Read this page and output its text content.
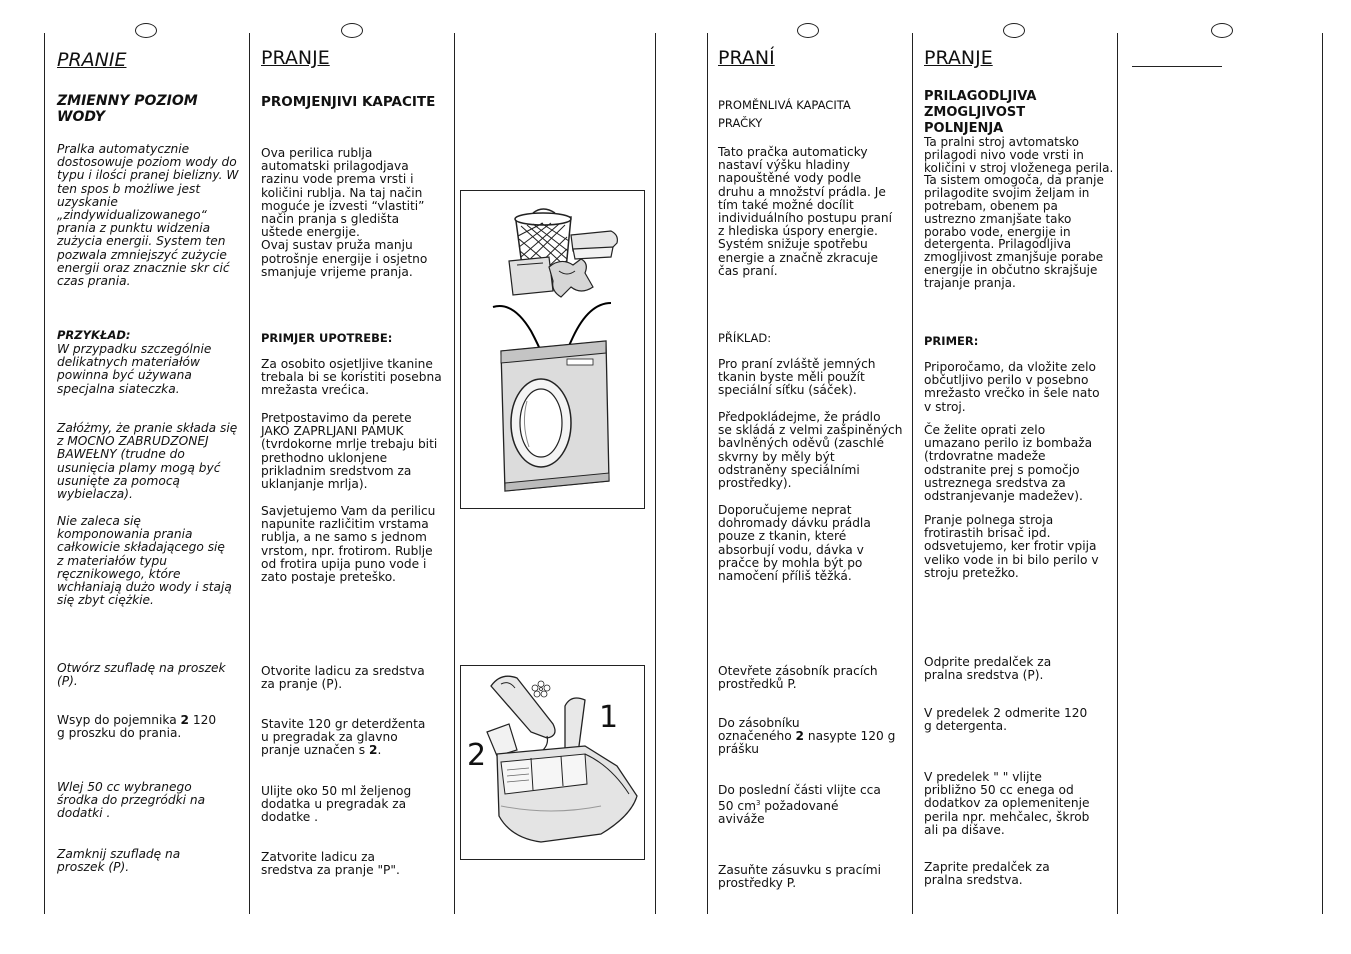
PRANIE
ZMIENNY POZIOM
WODY
Pralka automatycznie
dostosowuje poziom wody do
typu i ilości pranej bielizny. W
ten spos b możliwe jest
uzyskanie
„zindywidualizowanego“
prania z punktu widzenia
zużycia energii. System ten
pozwala zmniejszyć zużycie
energii oraz znacznie skr cić
czas prania.
PRZYKŁAD:
W przypadku szczególnie
delikatnych materiałów
powinna być używana
specjalna siateczka.
Załóżmy, że pranie składa się
z MOCNO ZABRUDZONEJ
BAWEŁNY (trudne do
usunięcia plamy mogą być
usunięte za pomocą
wybielacza).
Nie zaleca się
komponowania prania
całkowicie składającego się
z materiałów typu
ręcznikowego, które
wchłaniają dużo wody i stają
się zbyt ciężkie.
Otwórz szufladę na proszek
(P).
Wsyp do pojemnika 2 120
g proszku do prania.
Wlej 50 cc wybranego
środka do przegródki na
dodatki .
Zamknij szufladę na
proszek (P).
PRANJE
PROMJENJIVI KAPACITE
Ova perilica rublja
automatski prilagodjava
razinu vode prema vrsti i
količini rublja. Na taj način
moguće je izvesti “vlastiti”
način pranja s gledišta
uštede energije.
Ovaj sustav pruža manju
potrošnje energije i osjetno
smanjuje vrijeme pranja.
PRIMJER UPOTREBE:
Za osobito osjetljive tkanine
trebala bi se koristiti posebna
mrežasta vrećica.
Pretpostavimo da perete
JAKO ZAPRLJANI PAMUK
(tvrdokorne mrlje trebaju biti
prethodno uklonjene
prikladnim sredstvom za
uklanjanje mrlja).
Savjetujemo Vam da perilicu
napunite različitim vrstama
rublja, a ne samo s jednom
vrstom, npr. frotirom. Rublje
od frotira upija puno vode i
zato postaje preteško.
Otvorite ladicu za sredstva
za pranje (P).
Stavite 120 gr deterdženta
u pregradak za glavno
pranje uznačen s 2.
Ulijte oko 50 ml željenog
dodatka u pregradak za
dodatke .
Zatvorite ladicu za
sredstva za pranje "P".
1
2
PRANÍ
PROMĚNLIVÁ KAPACITA
PRAČKY
Tato pračka automaticky
nastaví výšku hladiny
napouštěné vody podle
druhu a množství prádla. Je
tím také možné docílit
individuálního postupu praní
z hlediska úspory energie.
Systém snižuje spotřebu
energie a značně zkracuje
čas praní.
PŘÍKLAD:
Pro praní zvláště jemných
tkanin byste měli použít
speciální síťku (sáček).
Předpokládejme, že prádlo
se skládá z velmi zašpiněných
bavlněných oděvů (zaschlé
skvrny by měly být
odstraněny speciálními
prostředky).
Doporučujeme neprat
dohromady dávku prádla
pouze z tkanin, které
absorbují vodu, dávka v
pračce by mohla být po
namočení příliš těžká.
Otevřete zásobník pracích
prostředků P.
Do zásobníku
označeného 2 nasypte 120 g
prášku
Do poslední části vlijte cca
50 $cm^3$ požadované
aviváže
Zasuňte zásuvku s pracími
prostředky P.
PRANJE
PRILAGODLJIVA
ZMOGLJIVOST
POLNJENJA
Ta pralni stroj avtomatsko
prilagodi nivo vode vrsti in
količini v stroj vloženega perila.
Ta sistem omogoča, da pranje
prilagodite svojim željam in
potrebam, obenem pa
ustrezno zmanjšate tako
porabo vode, energije in
detergenta. Prilagodljiva
zmogljivost zmanjšuje porabe
energije in občutno skrajšuje
trajanje pranja.
PRIMER:
Priporočamo, da vložite zelo
občutljivo perilo v posebno
mrežasto vrečko in šele nato
v stroj.
Če želite oprati zelo
umazano perilo iz bombaža
(trdovratne madeže
odstranite prej s pomočjo
ustreznega sredstva za
odstranjevanje madežev).
Pranje polnega stroja
frotirastih brisač ipd.
odsvetujemo, ker frotir vpija
veliko vode in bi bilo perilo v
stroju pretežko.
Odprite predalček za
pralna sredstva (P).
V predelek 2 odmerite 120
g detergenta.
V predelek " " vlijte
približno 50 cc enega od
dodatkov za oplemenitenje
perila npr. mehčalec, škrob
ali pa dišave.
Zaprite predalček za
pralna sredstva.
